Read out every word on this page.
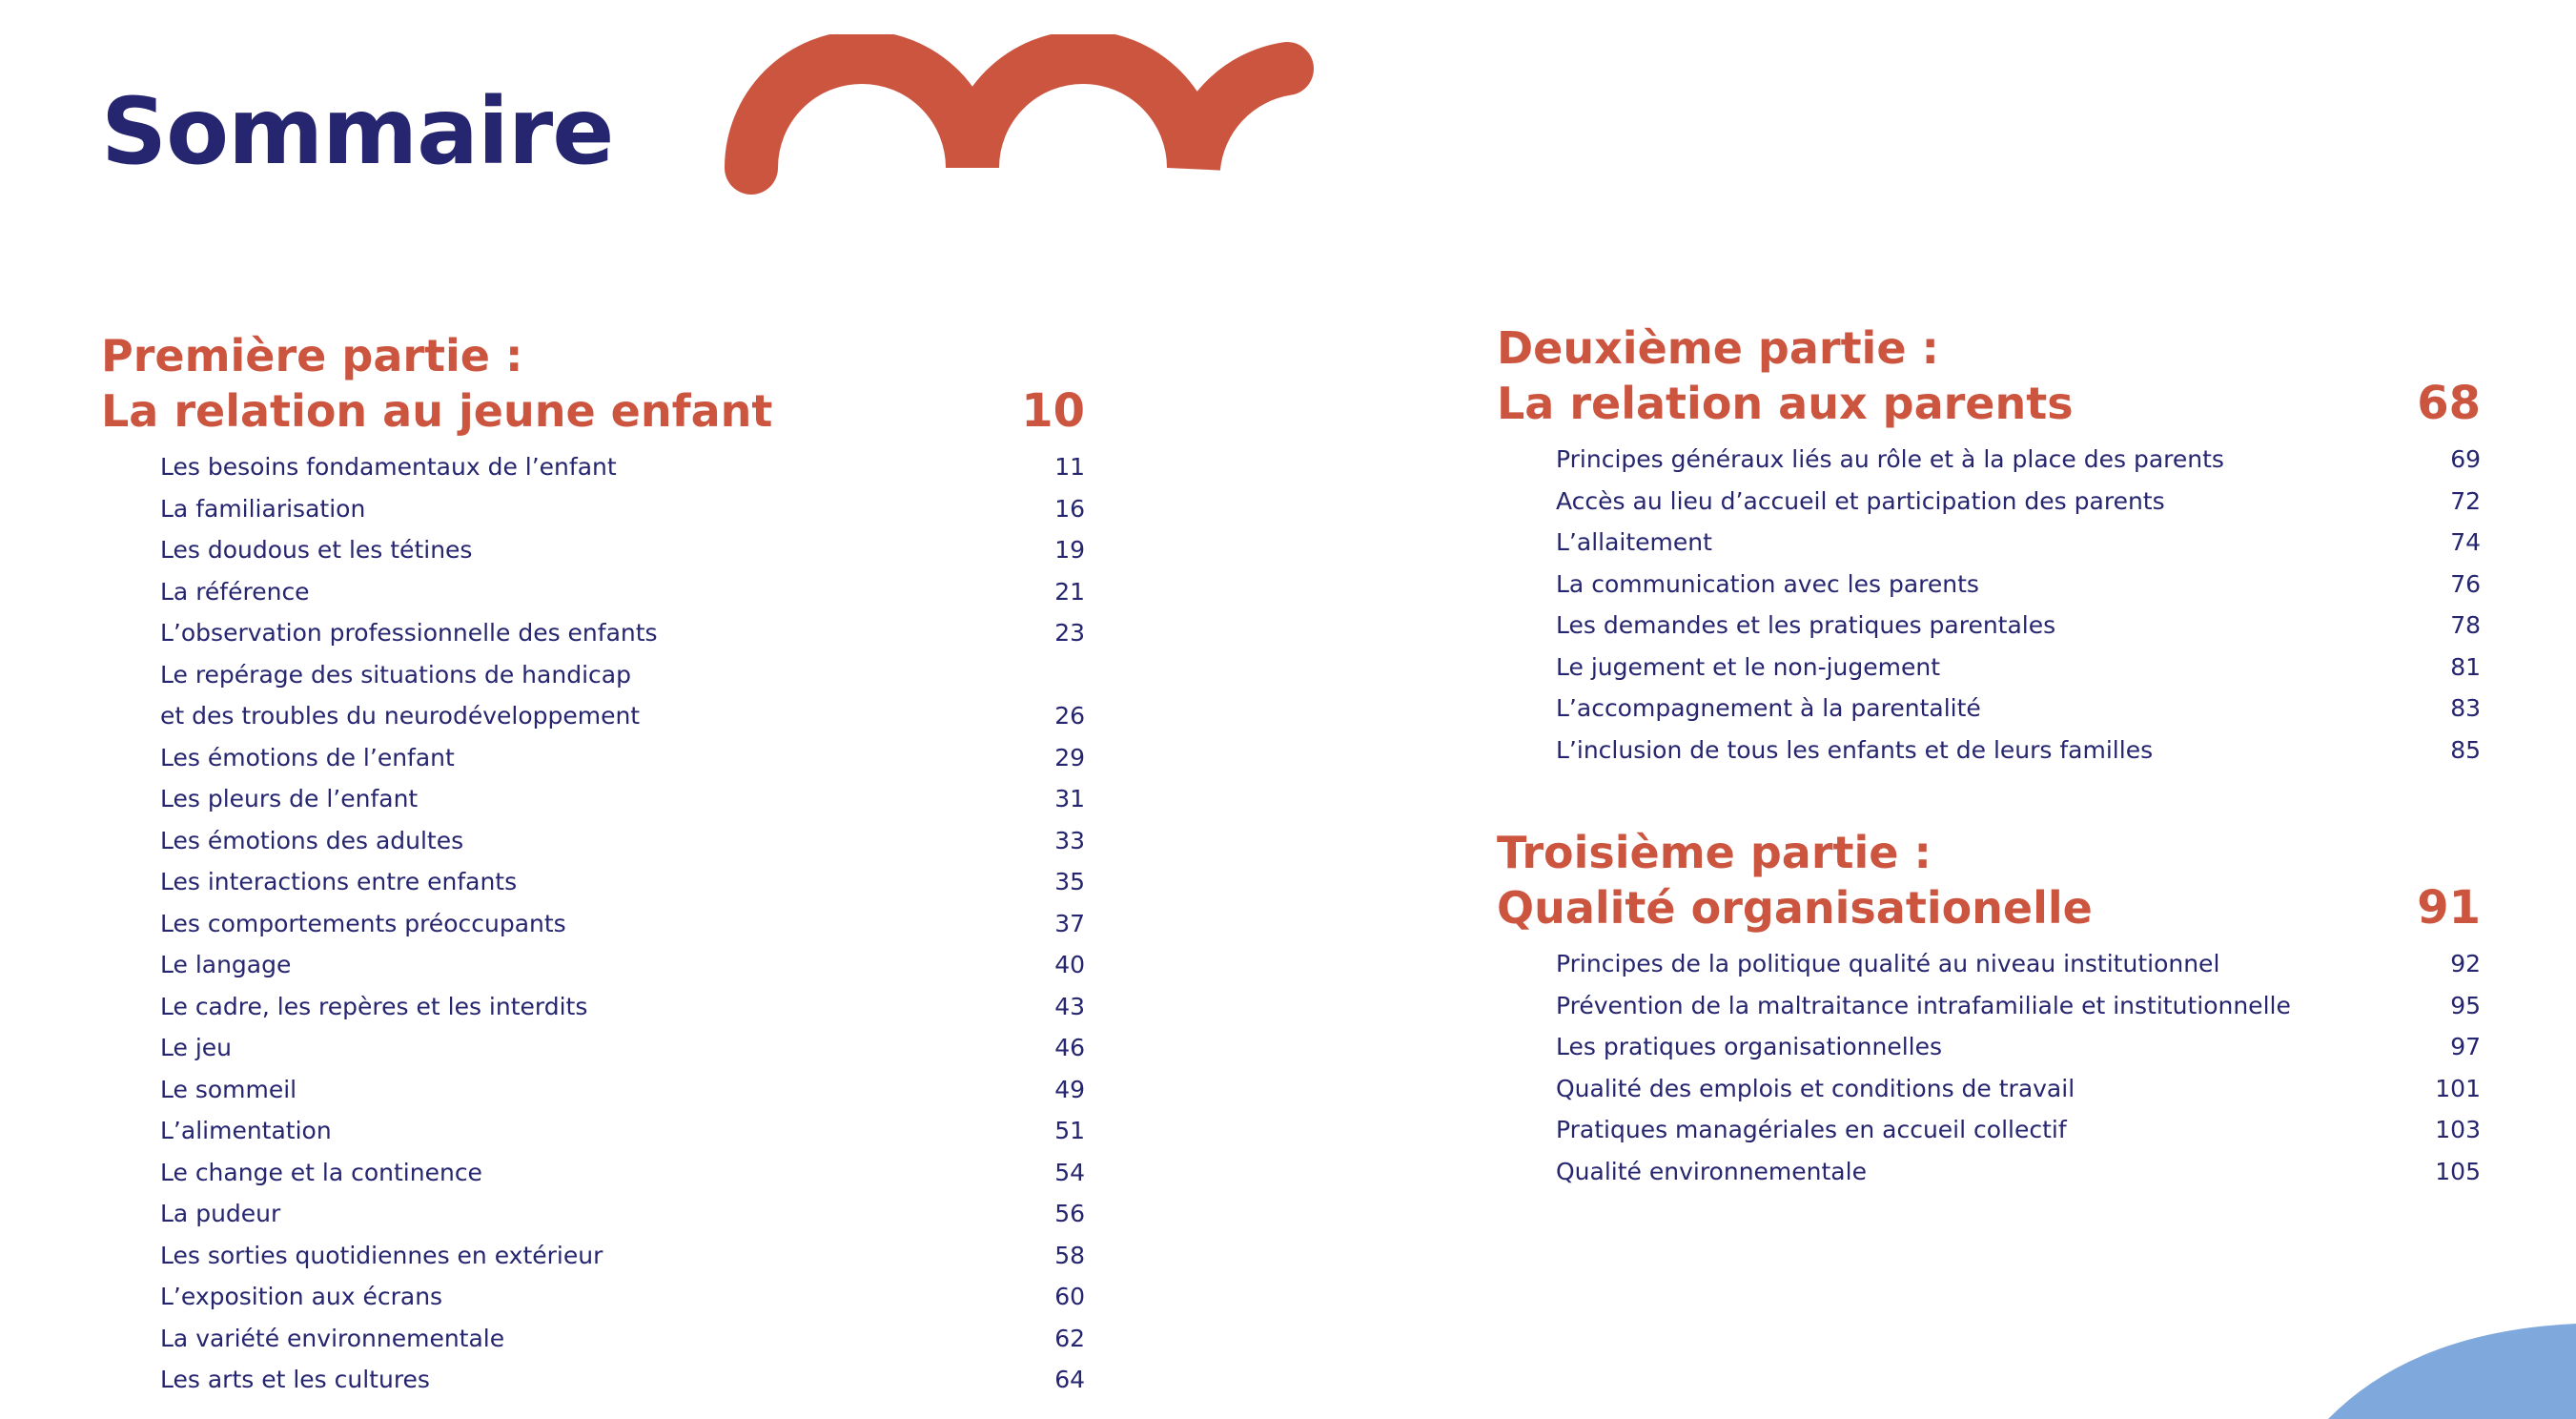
Sommaire
Première partie :
La relation au jeune enfant	10
Les besoins fondamentaux de l’enfant	11
La familiarisation	16
Les doudous et les tétines	19
La référence	21
L’observation professionnelle des enfants	23
Le repérage des situations de handicap
et des troubles du neurodéveloppement	26
Les émotions de l’enfant	29
Les pleurs de l’enfant	31
Les émotions des adultes	33
Les interactions entre enfants	35
Les comportements préoccupants	37
Le langage	40
Le cadre, les repères et les interdits	43
Le jeu	46
Le sommeil	49
L’alimentation	51
Le change et la continence	54
La pudeur	56
Les sorties quotidiennes en extérieur	58
L’exposition aux écrans	60
La variété environnementale	62
Les arts et les cultures	64
Deuxième partie :
La relation aux parents	68
Principes généraux liés au rôle et à la place des parents	69
Accès au lieu d’accueil et participation des parents	72
L’allaitement	74
La communication avec les parents	76
Les demandes et les pratiques parentales	78
Le jugement et le non-jugement	81
L’accompagnement à la parentalité	83
L’inclusion de tous les enfants et de leurs familles	85
Troisième partie :
Qualité organisationelle	91
Principes de la politique qualité au niveau institutionnel	92
Prévention de la maltraitance intrafamiliale et institutionnelle	95
Les pratiques organisationnelles	97
Qualité des emplois et conditions de travail	101
Pratiques managériales en accueil collectif	103
Qualité environnementale	105
